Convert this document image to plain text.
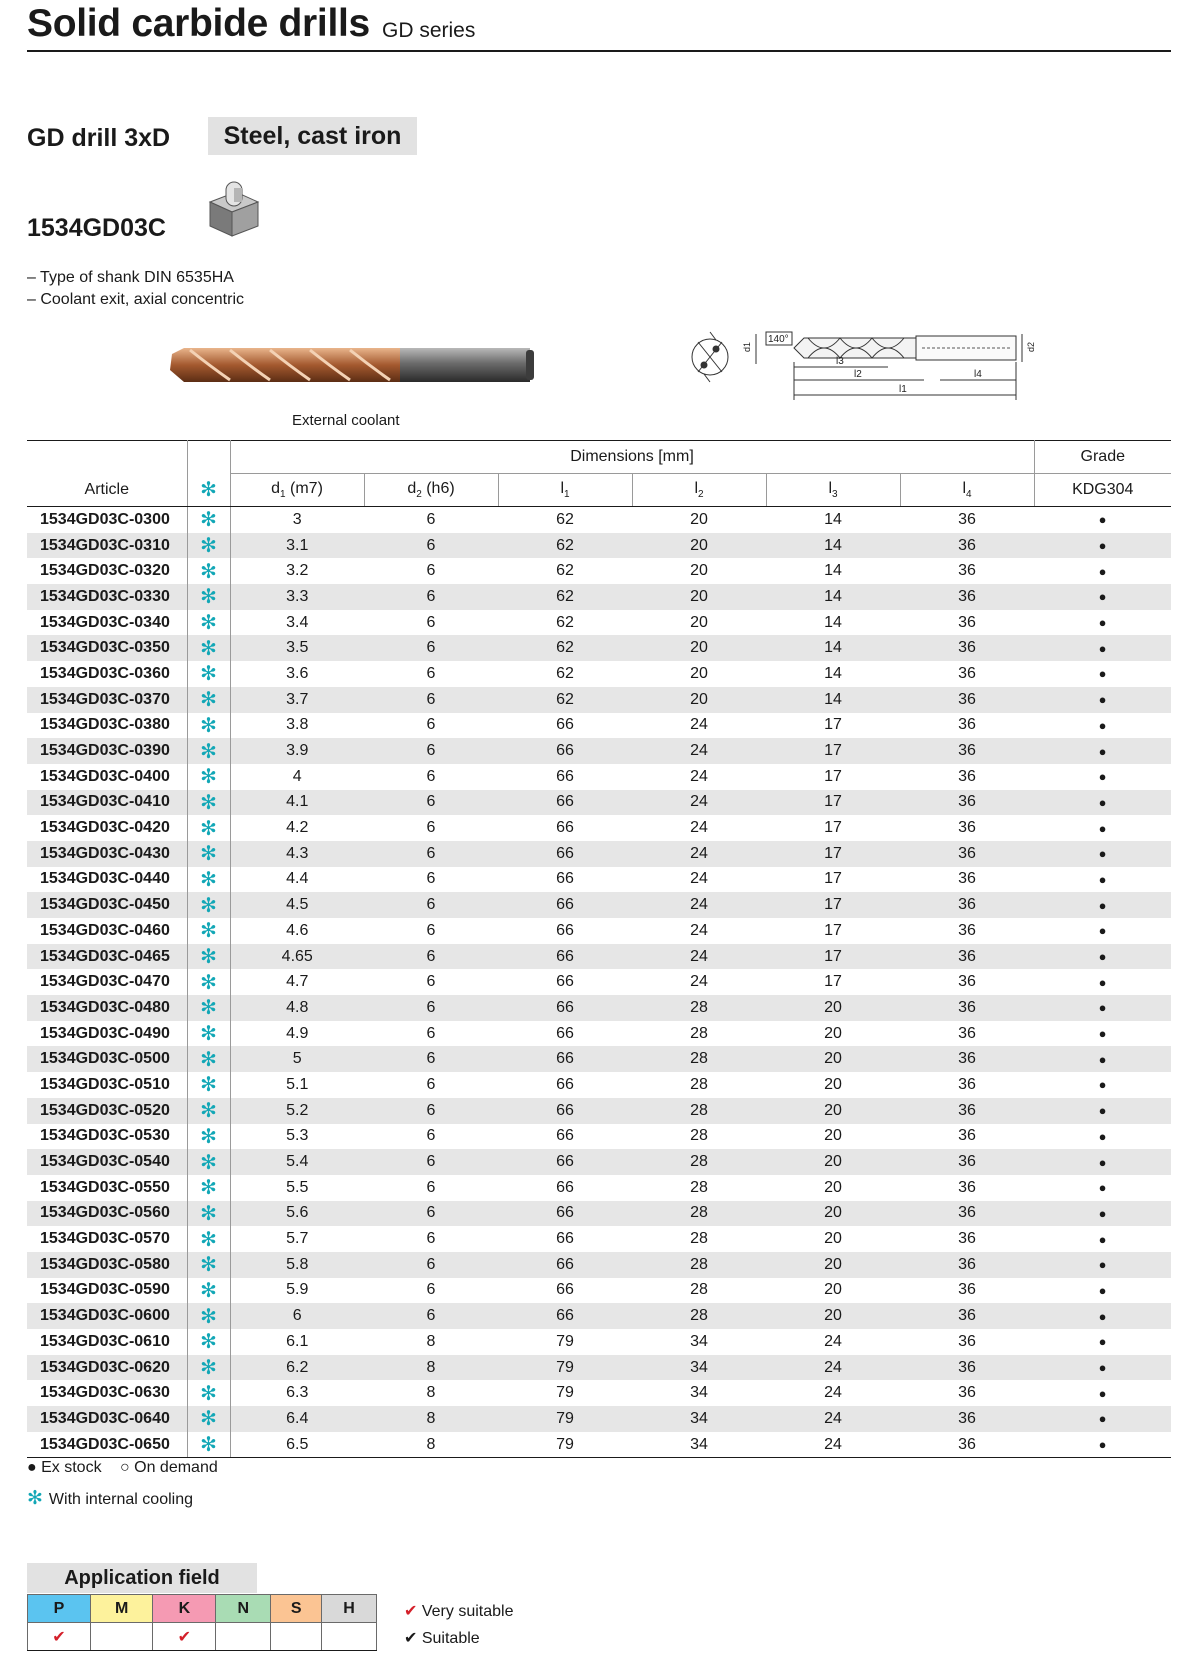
Solid carbide drills GD series
GD drill 3xD	Steel, cast iron
1534GD03C
– Type of shank DIN 6535HA
– Coolant exit, axial concentric
External coolant
d1
140°
d2
l3
l2	l4
l1
		Dimensions [mm]						Grade
Article	✻	$d_1$ (m7)	$d_2$ (h6)	$l_1$	$l_2$	$l_3$	$l_4$	KDG304
1534GD03C-0300	✻	3	6	62	20	14	36	●
1534GD03C-0310	✻	3.1	6	62	20	14	36	●
1534GD03C-0320	✻	3.2	6	62	20	14	36	●
1534GD03C-0330	✻	3.3	6	62	20	14	36	●
1534GD03C-0340	✻	3.4	6	62	20	14	36	●
1534GD03C-0350	✻	3.5	6	62	20	14	36	●
1534GD03C-0360	✻	3.6	6	62	20	14	36	●
1534GD03C-0370	✻	3.7	6	62	20	14	36	●
1534GD03C-0380	✻	3.8	6	66	24	17	36	●
1534GD03C-0390	✻	3.9	6	66	24	17	36	●
1534GD03C-0400	✻	4	6	66	24	17	36	●
1534GD03C-0410	✻	4.1	6	66	24	17	36	●
1534GD03C-0420	✻	4.2	6	66	24	17	36	●
1534GD03C-0430	✻	4.3	6	66	24	17	36	●
1534GD03C-0440	✻	4.4	6	66	24	17	36	●
1534GD03C-0450	✻	4.5	6	66	24	17	36	●
1534GD03C-0460	✻	4.6	6	66	24	17	36	●
1534GD03C-0465	✻	4.65	6	66	24	17	36	●
1534GD03C-0470	✻	4.7	6	66	24	17	36	●
1534GD03C-0480	✻	4.8	6	66	28	20	36	●
1534GD03C-0490	✻	4.9	6	66	28	20	36	●
1534GD03C-0500	✻	5	6	66	28	20	36	●
1534GD03C-0510	✻	5.1	6	66	28	20	36	●
1534GD03C-0520	✻	5.2	6	66	28	20	36	●
1534GD03C-0530	✻	5.3	6	66	28	20	36	●
1534GD03C-0540	✻	5.4	6	66	28	20	36	●
1534GD03C-0550	✻	5.5	6	66	28	20	36	●
1534GD03C-0560	✻	5.6	6	66	28	20	36	●
1534GD03C-0570	✻	5.7	6	66	28	20	36	●
1534GD03C-0580	✻	5.8	6	66	28	20	36	●
1534GD03C-0590	✻	5.9	6	66	28	20	36	●
1534GD03C-0600	✻	6	6	66	28	20	36	●
1534GD03C-0610	✻	6.1	8	79	34	24	36	●
1534GD03C-0620	✻	6.2	8	79	34	24	36	●
1534GD03C-0630	✻	6.3	8	79	34	24	36	●
1534GD03C-0640	✻	6.4	8	79	34	24	36	●
1534GD03C-0650	✻	6.5	8	79	34	24	36	●
● Ex stock ○ On demand
✻ With internal cooling
Application field
P	M	K	N	S	H
✔		✔			
✔ Very suitable
✔ Suitable
